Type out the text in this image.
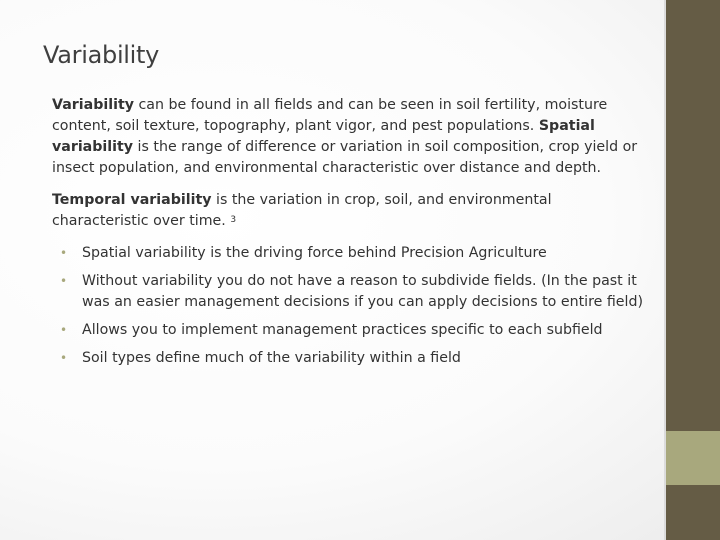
Variability

Variability can be found in all fields and can be seen in soil fertility, moisture content, soil texture, topography, plant vigor, and pest populations. Spatial variability is the range of difference or variation in soil composition, crop yield or insect population, and environmental characteristic over distance and depth.

Temporal variability is the variation in crop, soil, and environmental characteristic over time. $^3$

• Spatial variability is the driving force behind Precision Agriculture
• Without variability you do not have a reason to subdivide fields. (In the past it was an easier management decisions if you can apply decisions to entire field)
• Allows you to implement management practices specific to each subfield
• Soil types define much of the variability within a field
